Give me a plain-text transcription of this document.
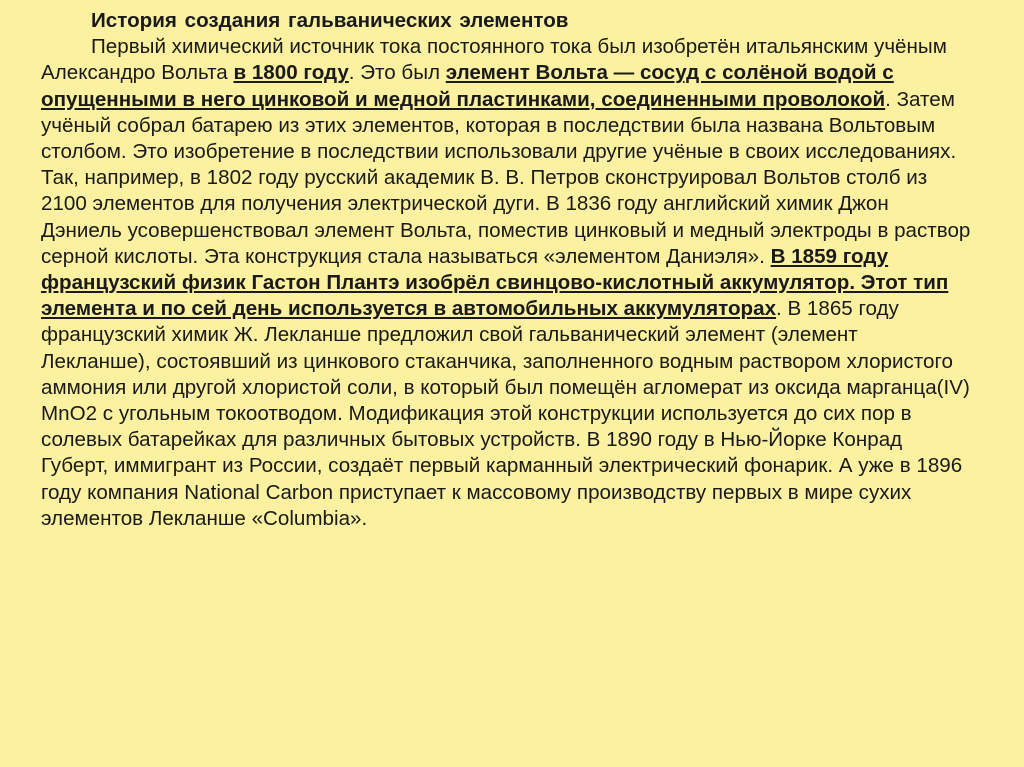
История создания гальванических элементов

Первый химический источник тока постоянного тока был изобретён итальянским учёным Александро Вольта в 1800 году. Это был элемент Вольта — сосуд с солёной водой с опущенными в него цинковой и медной пластинками, соединенными проволокой. Затем учёный собрал батарею из этих элементов, которая в последствии была названа Вольтовым столбом. Это изобретение в последствии использовали другие учёные в своих исследованиях. Так, например, в 1802 году русский академик В. В. Петров сконструировал Вольтов столб из 2100 элементов для получения электрической дуги. В 1836 году английский химик Джон Дэниель усовершенствовал элемент Вольта, поместив цинковый и медный электроды в раствор серной кислоты. Эта конструкция стала называться «элементом Даниэля». В 1859 году французский физик Гастон Плантэ изобрёл свинцово-кислотный аккумулятор. Этот тип элемента и по сей день используется в автомобильных аккумуляторах. В 1865 году французский химик Ж. Лекланше предложил свой гальванический элемент (элемент Лекланше), состоявший из цинкового стаканчика, заполненного водным раствором хлористого аммония или другой хлористой соли, в который был помещён агломерат из оксида марганца(IV) MnO2 с угольным токоотводом. Модификация этой конструкции используется до сих пор в солевых батарейках для различных бытовых устройств. В 1890 году в Нью-Йорке Конрад Губерт, иммигрант из России, создаёт первый карманный электрический фонарик. А уже в 1896 году компания National Carbon приступает к массовому производству первых в мире сухих элементов Лекланше «Columbia».
